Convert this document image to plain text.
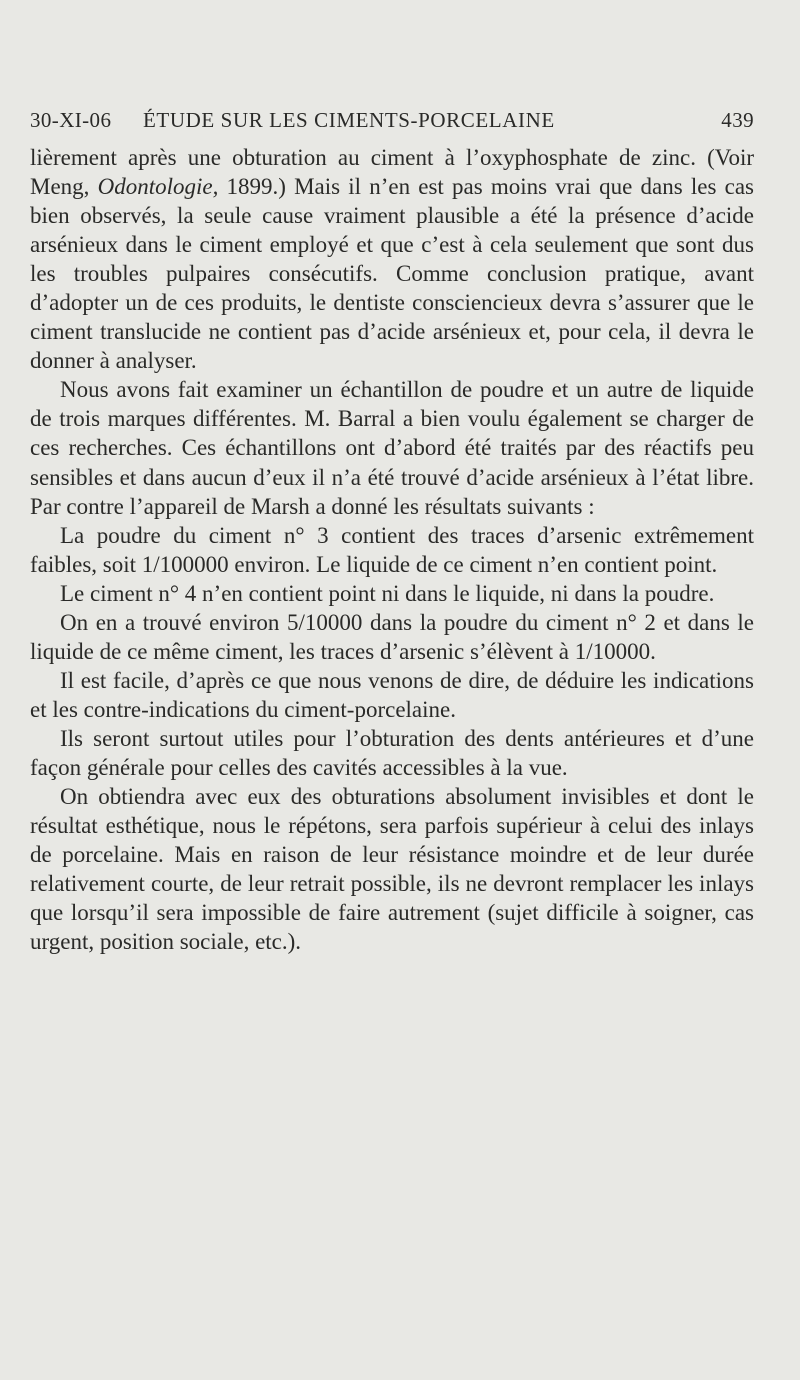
30-XI-06 ÉTUDE SUR LES CIMENTS-PORCELAINE	439

lièrement après une obturation au ciment à l’oxyphosphate de zinc. (Voir Meng, Odontologie, 1899.) Mais il n’en est pas moins vrai que dans les cas bien observés, la seule cause vraiment plausible a été la présence d’acide arsénieux dans le ciment employé et que c’est à cela seulement que sont dus les troubles pulpaires consécutifs. Comme conclusion pratique, avant d’adopter un de ces produits, le dentiste consciencieux devra s’assurer que le ciment translucide ne contient pas d’acide arsénieux et, pour cela, il devra le donner à analyser.

Nous avons fait examiner un échantillon de poudre et un autre de liquide de trois marques différentes. M. Barral a bien voulu également se charger de ces recherches. Ces échantillons ont d’abord été traités par des réactifs peu sensibles et dans aucun d’eux il n’a été trouvé d’acide arsénieux à l’état libre. Par contre l’appareil de Marsh a donné les résultats suivants :

La poudre du ciment n° 3 contient des traces d’arsenic extrêmement faibles, soit 1/100000 environ. Le liquide de ce ciment n’en contient point.

Le ciment n° 4 n’en contient point ni dans le liquide, ni dans la poudre.

On en a trouvé environ 5/10000 dans la poudre du ciment n° 2 et dans le liquide de ce même ciment, les traces d’arsenic s’élèvent à 1/10000.

Il est facile, d’après ce que nous venons de dire, de déduire les indications et les contre-indications du ciment-porcelaine.

Ils seront surtout utiles pour l’obturation des dents antérieures et d’une façon générale pour celles des cavités accessibles à la vue.

On obtiendra avec eux des obturations absolument invisibles et dont le résultat esthétique, nous le répétons, sera parfois supérieur à celui des inlays de porcelaine. Mais en raison de leur résistance moindre et de leur durée relativement courte, de leur retrait possible, ils ne devront remplacer les inlays que lorsqu’il sera impossible de faire autrement (sujet difficile à soigner, cas urgent, position sociale, etc.).
